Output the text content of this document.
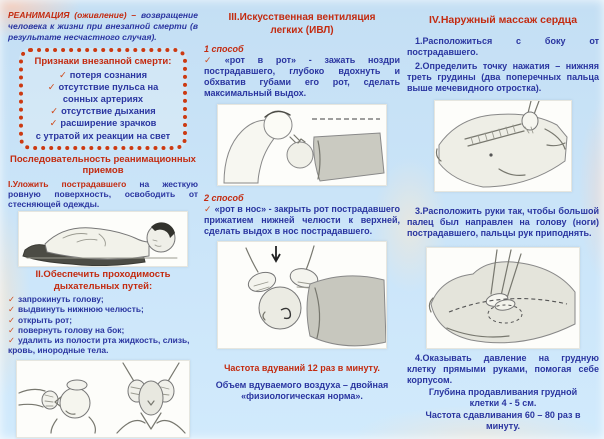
РЕАНИМАЦИЯ (оживление) – возвращение человека к жизни при внезапной смерти (в результате несчастного случая).

Признаки внезапной смерти:
✓ потеря сознания
✓ отсутствие пульса на сонных артериях
✓ отсутствие дыхания
✓ расширение зрачков
с утратой их реакции на свет
Последовательность реанимационных приемов

I.Уложить пострадавшего на жесткую ровную поверхность, освободить от стесняющей одежды.

II.Обеспечить проходимость дыхательных путей:
✓ запрокинуть голову;
✓ выдвинуть нижнюю челюсть;
✓ открыть рот;
✓ повернуть голову на бок;
✓ удалить из полости рта жидкость, слизь, кровь, инородные тела.
III.Искусственная вентиляция легких (ИВЛ)
1 способ

✓ «рот в рот» - зажать ноздри пострадавшего, глубоко вдохнуть и обхватив губами его рот, сделать максимальный выдох.

2 способ

✓ «рот в нос» - закрыть рот пострадавшего прижатием нижней челюсти к верхней, сделать выдох в нос пострадавшего.

Частота вдуваний 12 раз в минуту.
Объем вдуваемого воздуха – двойная «физиологическая норма».
IV.Наружный массаж сердца

1.Расположиться с боку от пострадавшего.

2.Определить точку нажатия – нижняя треть грудины (два поперечных пальца выше мечевидного отростка).

3.Расположить руки так, чтобы большой палец был направлен на голову (ноги) пострадавшего, пальцы рук приподнять.

4.Оказывать давление на грудную клетку прямыми руками, помогая себе корпусом.

Глубина продавливания грудной клетки 4 - 5 см.
Частота сдавливания 60 – 80 раз в минуту.
